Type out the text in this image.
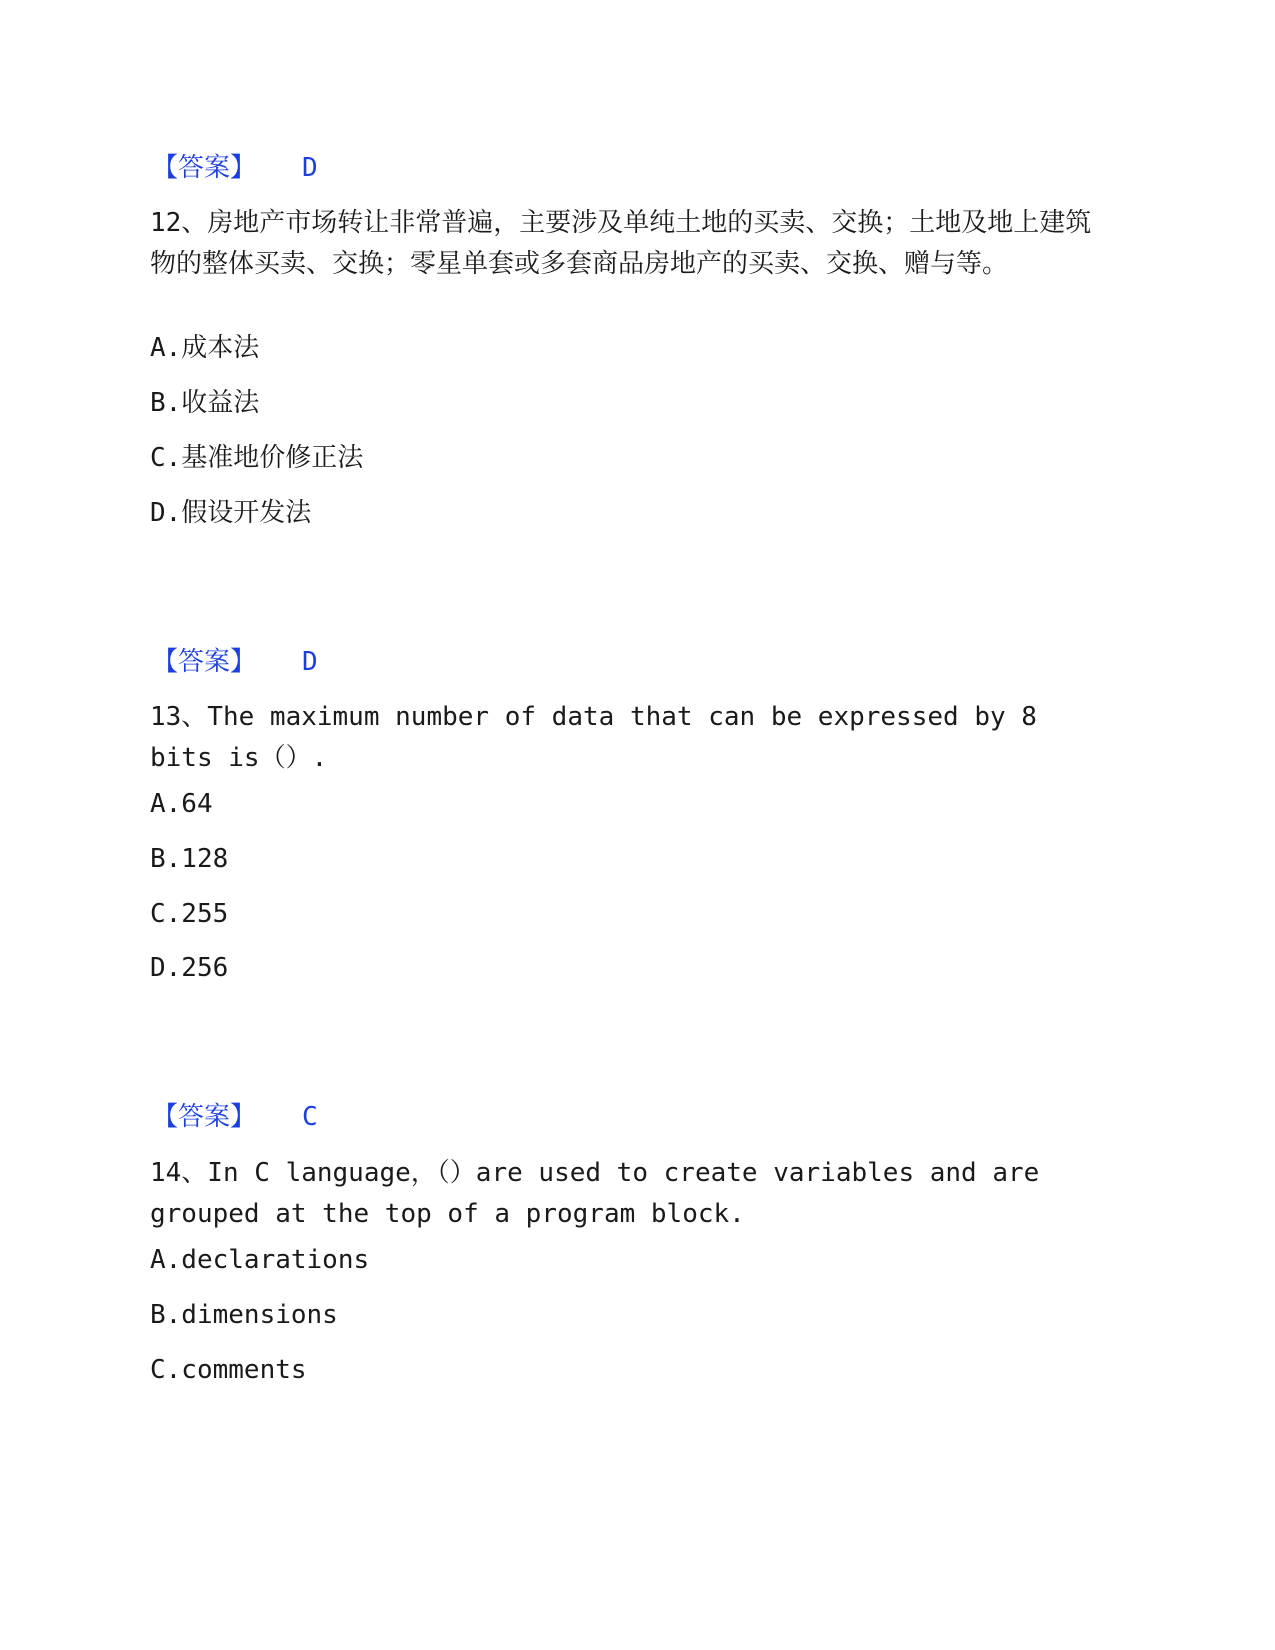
【答案】 D
12、房地产市场转让非常普遍，主要涉及单纯土地的买卖、交换；土地及地上建筑物的整体买卖、交换；零星单套或多套商品房地产的买卖、交换、赠与等。
A.成本法
B.收益法
C.基准地价修正法
D.假设开发法
【答案】 D
13、The maximum number of data that can be expressed by 8 bits is（）.
A.64
B.128
C.255
D.256
【答案】 C
14、In C language，（）are used to create variables and are grouped at the top of a program block.
A.declarations
B.dimensions
C.comments
